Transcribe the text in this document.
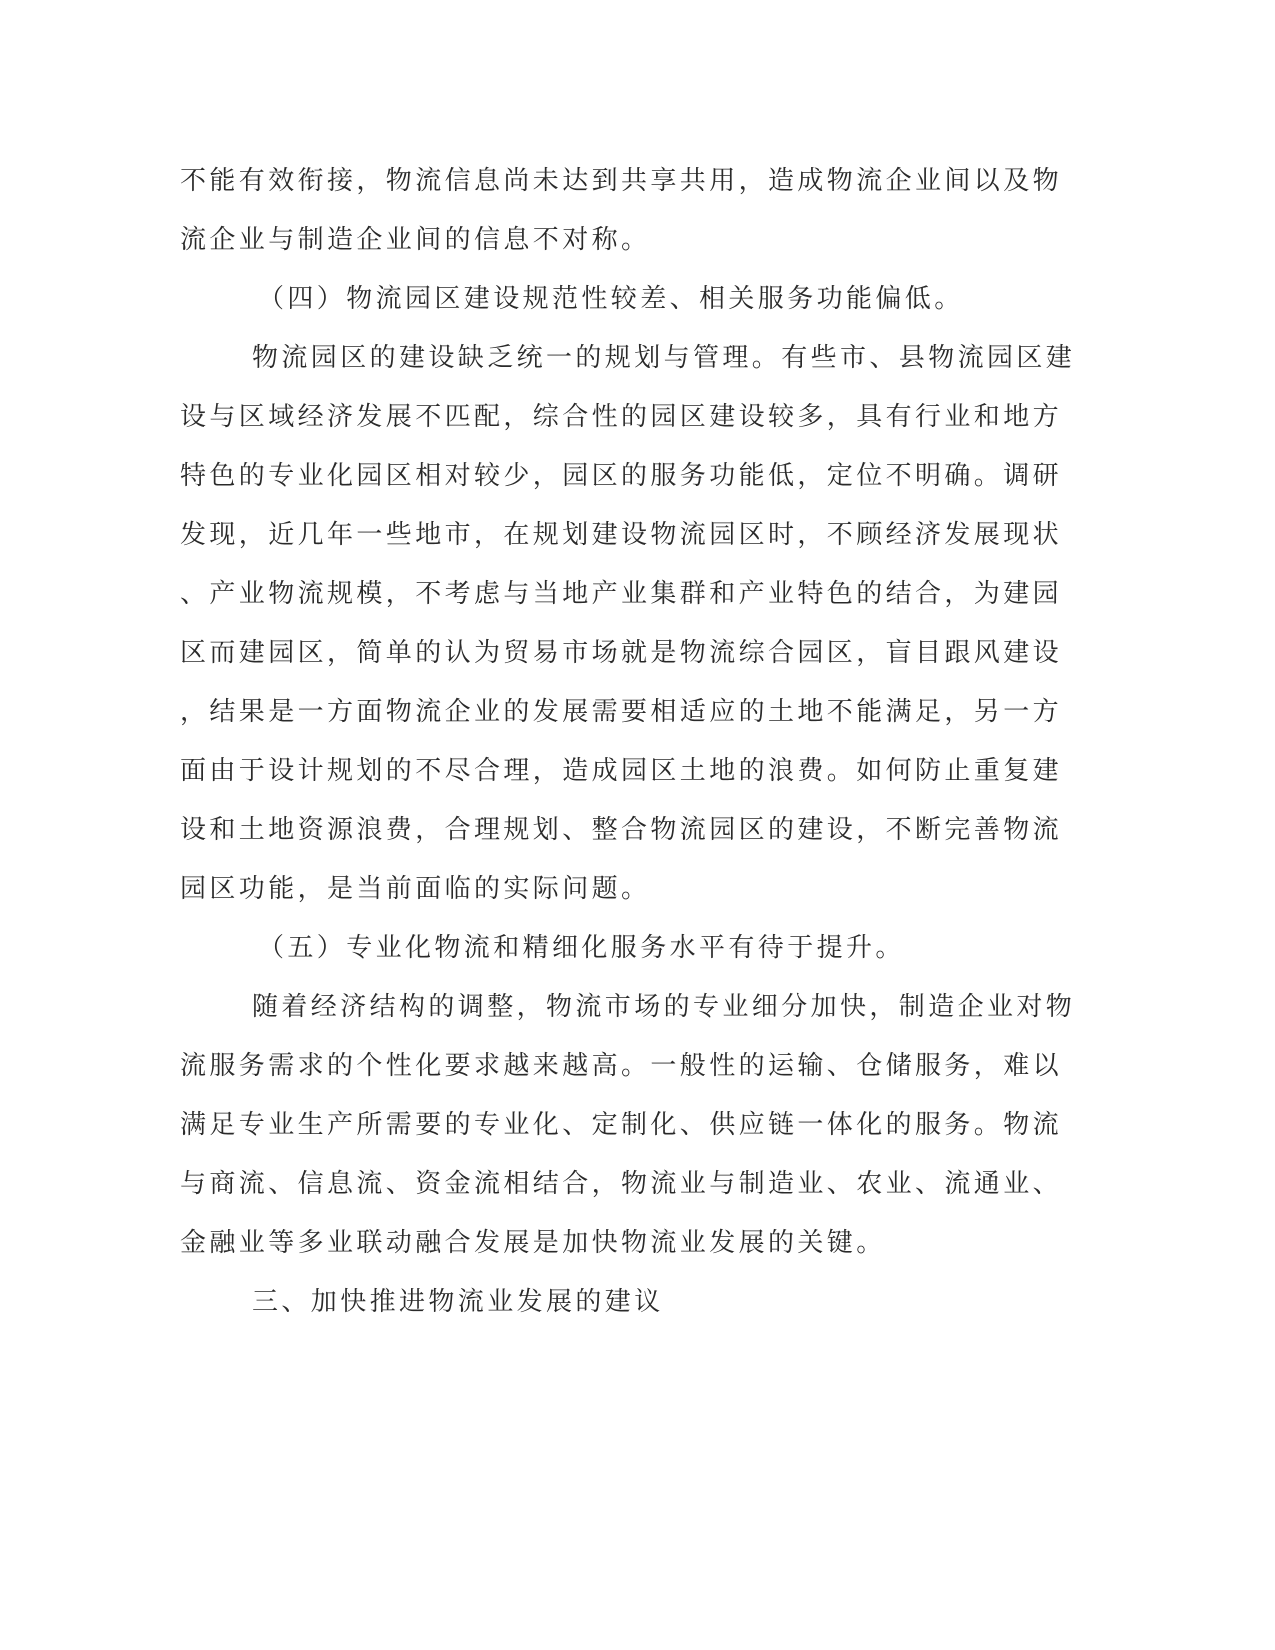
不能有效衔接，物流信息尚未达到共享共用，造成物流企业间以及物
流企业与制造企业间的信息不对称。
（四）物流园区建设规范性较差、相关服务功能偏低。
物流园区的建设缺乏统一的规划与管理。有些市、县物流园区建
设与区域经济发展不匹配，综合性的园区建设较多，具有行业和地方
特色的专业化园区相对较少，园区的服务功能低，定位不明确。调研
发现，近几年一些地市，在规划建设物流园区时，不顾经济发展现状
、产业物流规模，不考虑与当地产业集群和产业特色的结合，为建园
区而建园区，简单的认为贸易市场就是物流综合园区，盲目跟风建设
，结果是一方面物流企业的发展需要相适应的土地不能满足，另一方
面由于设计规划的不尽合理，造成园区土地的浪费。如何防止重复建
设和土地资源浪费，合理规划、整合物流园区的建设，不断完善物流
园区功能，是当前面临的实际问题。
（五）专业化物流和精细化服务水平有待于提升。
随着经济结构的调整，物流市场的专业细分加快，制造企业对物
流服务需求的个性化要求越来越高。一般性的运输、仓储服务，难以
满足专业生产所需要的专业化、定制化、供应链一体化的服务。物流
与商流、信息流、资金流相结合，物流业与制造业、农业、流通业、
金融业等多业联动融合发展是加快物流业发展的关键。
三、加快推进物流业发展的建议
